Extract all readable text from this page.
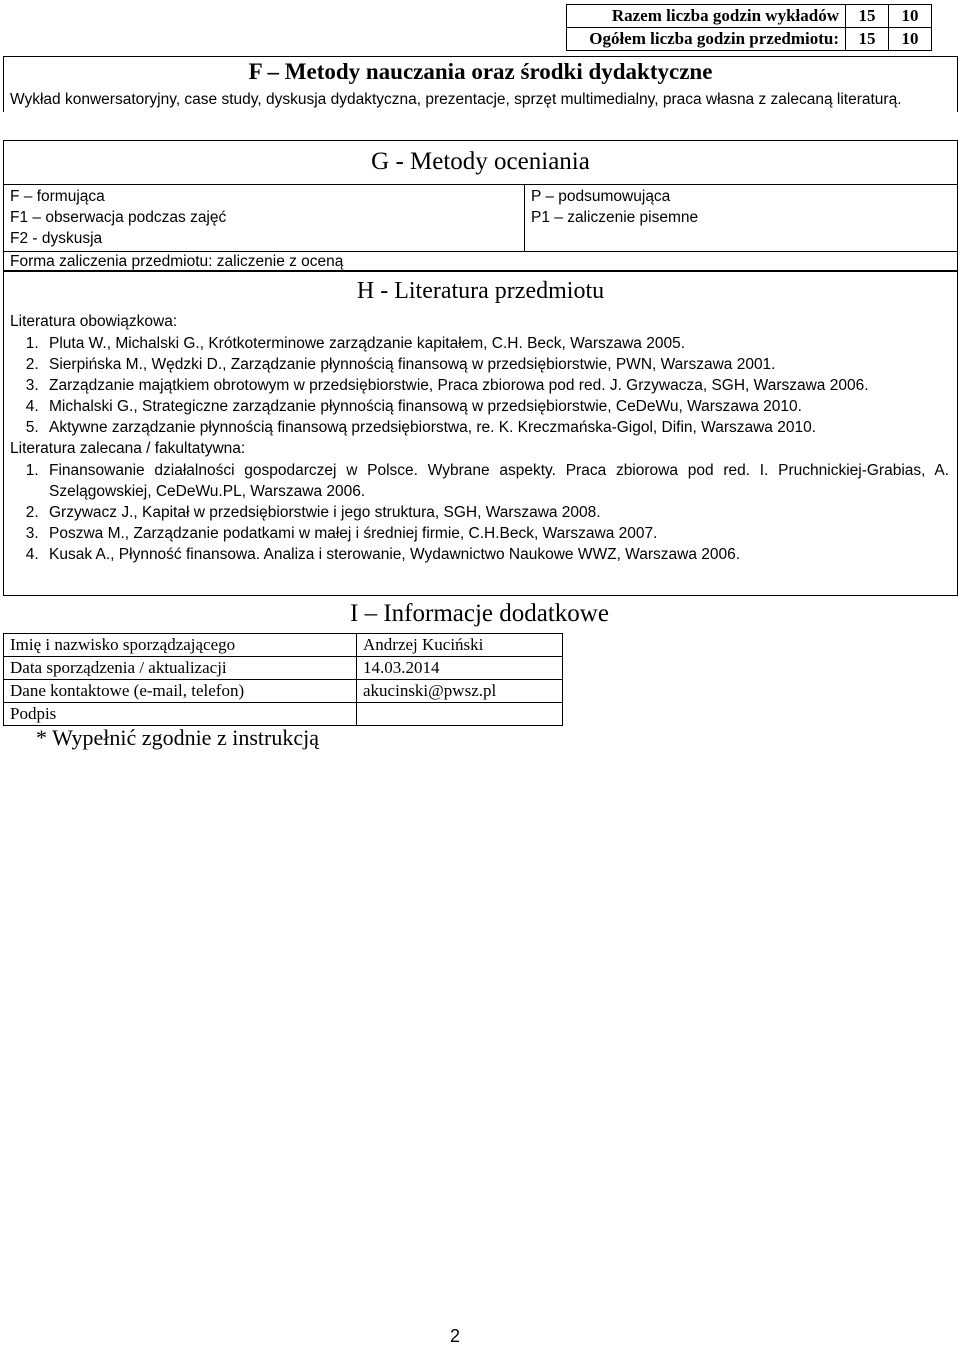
Razem liczba godzin wykładów	15	10
Ogółem liczba godzin przedmiotu:	15	10
F – Metody nauczania oraz środki dydaktyczne
Wykład konwersatoryjny, case study, dyskusja dydaktyczna, prezentacje, sprzęt multimedialny, praca własna z zalecaną literaturą.
G - Metody oceniania
F – formująca
F1 – obserwacja podczas zajęć
F2 - dyskusja
P – podsumowująca
P1 – zaliczenie pisemne
Forma zaliczenia przedmiotu: zaliczenie z oceną
H - Literatura przedmiotu
Literatura obowiązkowa:
1. Pluta W., Michalski G., Krótkoterminowe zarządzanie kapitałem, C.H. Beck, Warszawa 2005.
2. Sierpińska M., Wędzki D., Zarządzanie płynnością finansową w przedsiębiorstwie, PWN, Warszawa 2001.
3. Zarządzanie majątkiem obrotowym w przedsiębiorstwie, Praca zbiorowa pod red. J. Grzywacza, SGH, Warszawa 2006.
4. Michalski G., Strategiczne zarządzanie płynnością finansową w przedsiębiorstwie, CeDeWu, Warszawa 2010.
5. Aktywne zarządzanie płynnością finansową przedsiębiorstwa, re. K. Kreczmańska-Gigol, Difin, Warszawa 2010.
Literatura zalecana / fakultatywna:
1. Finansowanie działalności gospodarczej w Polsce. Wybrane aspekty. Praca zbiorowa pod red. I. Pruchnickiej-Grabias, A. Szelągowskiej, CeDeWu.PL, Warszawa 2006.
2. Grzywacz J., Kapitał w przedsiębiorstwie i jego struktura, SGH, Warszawa 2008.
3. Poszwa M., Zarządzanie podatkami w małej i średniej firmie, C.H.Beck, Warszawa 2007.
4. Kusak A., Płynność finansowa. Analiza i sterowanie, Wydawnictwo Naukowe WWZ, Warszawa 2006.
I – Informacje dodatkowe
Imię i nazwisko sporządzającego	Andrzej Kuciński
Data sporządzenia / aktualizacji	14.03.2014
Dane kontaktowe (e-mail, telefon)	akucinski@pwsz.pl
Podpis	
* Wypełnić zgodnie z instrukcją
2
